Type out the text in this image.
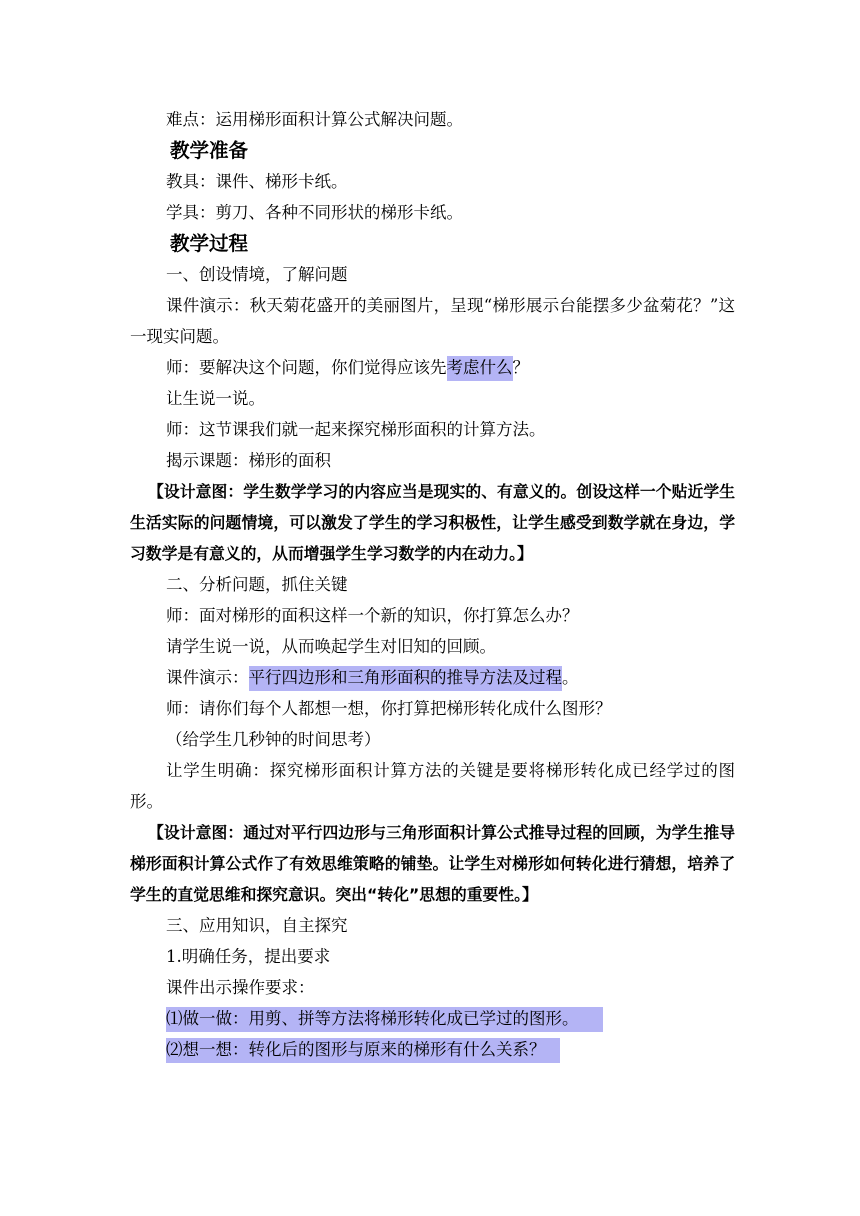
难点：运用梯形面积计算公式解决问题。
教学准备
教具：课件、梯形卡纸。
学具：剪刀、各种不同形状的梯形卡纸。
教学过程
一、创设情境，了解问题
课件演示：秋天菊花盛开的美丽图片，呈现“梯形展示台能摆多少盆菊花？”这一现实问题。
师：要解决这个问题，你们觉得应该先考虑什么？
让生说一说。
师：这节课我们就一起来探究梯形面积的计算方法。
揭示课题：梯形的面积
【设计意图：学生数学学习的内容应当是现实的、有意义的。创设这样一个贴近学生生活实际的问题情境，可以激发了学生的学习积极性，让学生感受到数学就在身边，学习数学是有意义的，从而增强学生学习数学的内在动力。】
二、分析问题，抓住关键
师：面对梯形的面积这样一个新的知识，你打算怎么办？
请学生说一说，从而唤起学生对旧知的回顾。
课件演示：平行四边形和三角形面积的推导方法及过程。
师：请你们每个人都想一想，你打算把梯形转化成什么图形？
（给学生几秒钟的时间思考）
让学生明确：探究梯形面积计算方法的关键是要将梯形转化成已经学过的图形。
【设计意图：通过对平行四边形与三角形面积计算公式推导过程的回顾，为学生推导梯形面积计算公式作了有效思维策略的铺垫。让学生对梯形如何转化进行猜想，培养了学生的直觉思维和探究意识。突出“转化”思想的重要性。】
三、应用知识，自主探究
1.明确任务，提出要求
课件出示操作要求：
⑴做一做：用剪、拼等方法将梯形转化成已学过的图形。
⑵想一想：转化后的图形与原来的梯形有什么关系？
